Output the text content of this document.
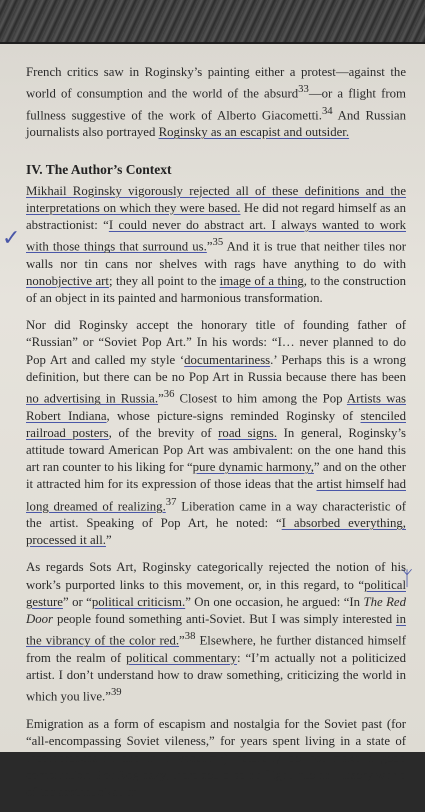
✓
ᛉ

French critics saw in Roginsky’s painting either a protest—against the world of consumption and the world of the absurd$^{33}$—or a flight from fullness suggestive of the work of Alberto Giacometti.$^{34}$ And Russian journalists also portrayed Roginsky as an escapist and outsider.

IV. The Author’s Context

Mikhail Roginsky vigorously rejected all of these definitions and the interpretations on which they were based. He did not regard himself as an abstractionist: “I could never do abstract art. I always wanted to work with those things that surround us.”$^{35}$ And it is true that neither tiles nor walls nor tin cans nor shelves with rags have anything to do with nonobjective art; they all point to the image of a thing, to the construction of an object in its painted and harmonious transformation.

Nor did Roginsky accept the honorary title of founding father of “Russian” or “Soviet Pop Art.” In his words: “I… never planned to do Pop Art and called my style ‘documentariness.’ Perhaps this is a wrong definition, but there can be no Pop Art in Russia because there has been no advertising in Russia.”$^{36}$ Closest to him among the Pop Artists was Robert Indiana, whose picture-signs reminded Roginsky of stenciled railroad posters, of the brevity of road signs. In general, Roginsky’s attitude toward American Pop Art was ambivalent: on the one hand this art ran counter to his liking for “pure dynamic harmony,” and on the other it attracted him for its expression of those ideas that the artist himself had long dreamed of realizing.$^{37}$ Liberation came in a way characteristic of the artist. Speaking of Pop Art, he noted: “I absorbed everything, processed it all.”

As regards Sots Art, Roginsky categorically rejected the notion of his work’s purported links to this movement, or, in this regard, to “political gesture” or “political criticism.” On one occasion, he argued: “In The Red Door people found something anti-Soviet. But I was simply interested in the vibrancy of the color red.”$^{38}$ Elsewhere, he further distanced himself from the realm of political commentary: “I’m actually not a politicized artist. I don’t understand how to draw something, criticizing the world in which you live.”$^{39}$

Emigration as a form of escapism and nostalgia for the Soviet past (for “all-encompassing Soviet vileness,” for years spent living in a state of incomprehension and in a vacuum?) naturally do not make a good combination. For Roginsky, there could be no flight into an illusory world of the aestheticization
